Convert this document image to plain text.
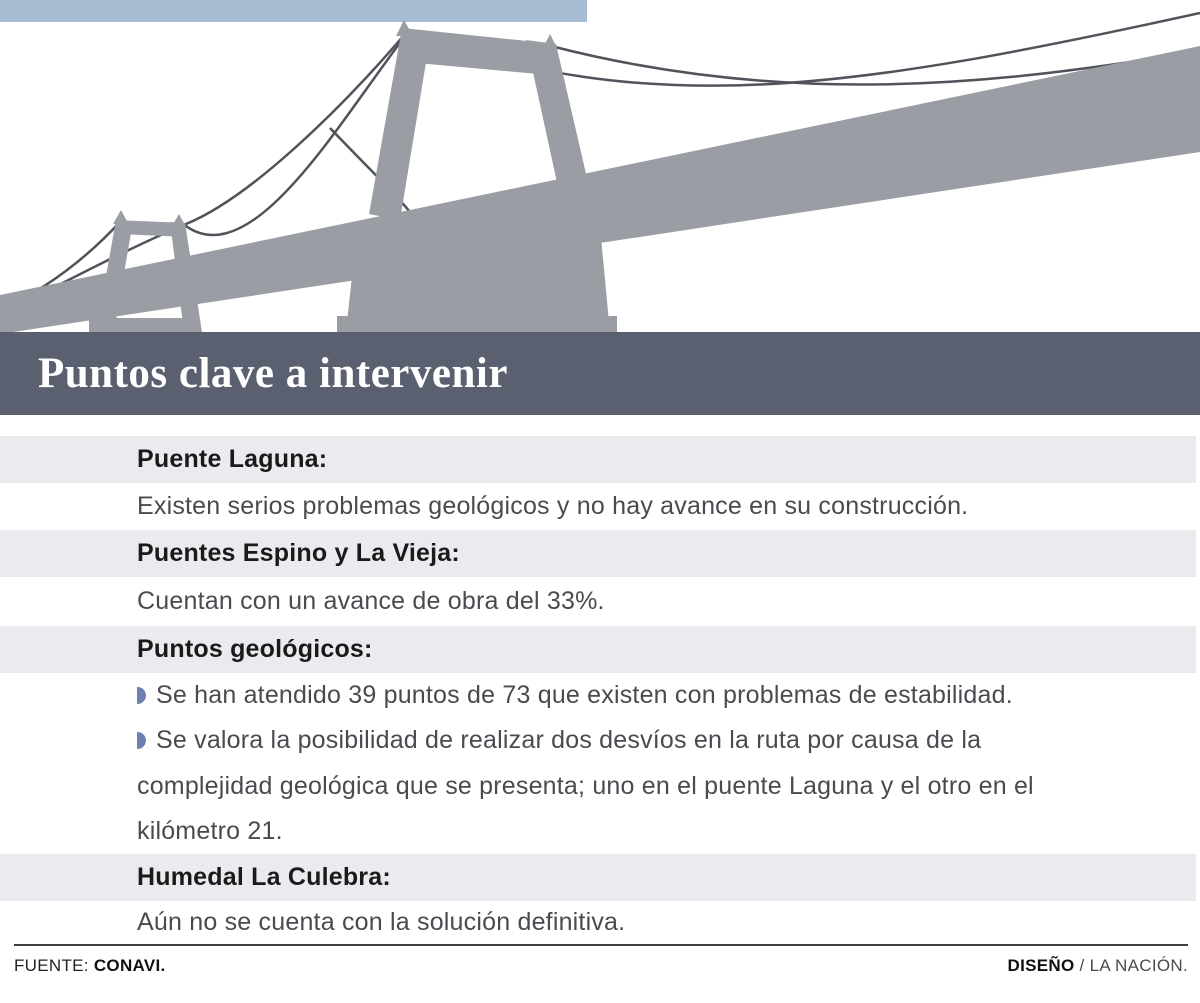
Puntos clave a intervenir
Puente Laguna:
Existen serios problemas geológicos y no hay avance en su construcción.
Puentes Espino y La Vieja:
Cuentan con un avance de obra del 33%.
Puntos geológicos:
Se han atendido 39 puntos de 73 que existen con problemas de estabilidad.
Se valora la posibilidad de realizar dos desvíos en la ruta por causa de la
complejidad geológica que se presenta; uno en el puente Laguna y el otro en el
kilómetro 21.
Humedal La Culebra:
Aún no se cuenta con la solución definitiva.
FUENTE: CONAVI.	DISEÑO / LA NACIÓN.
